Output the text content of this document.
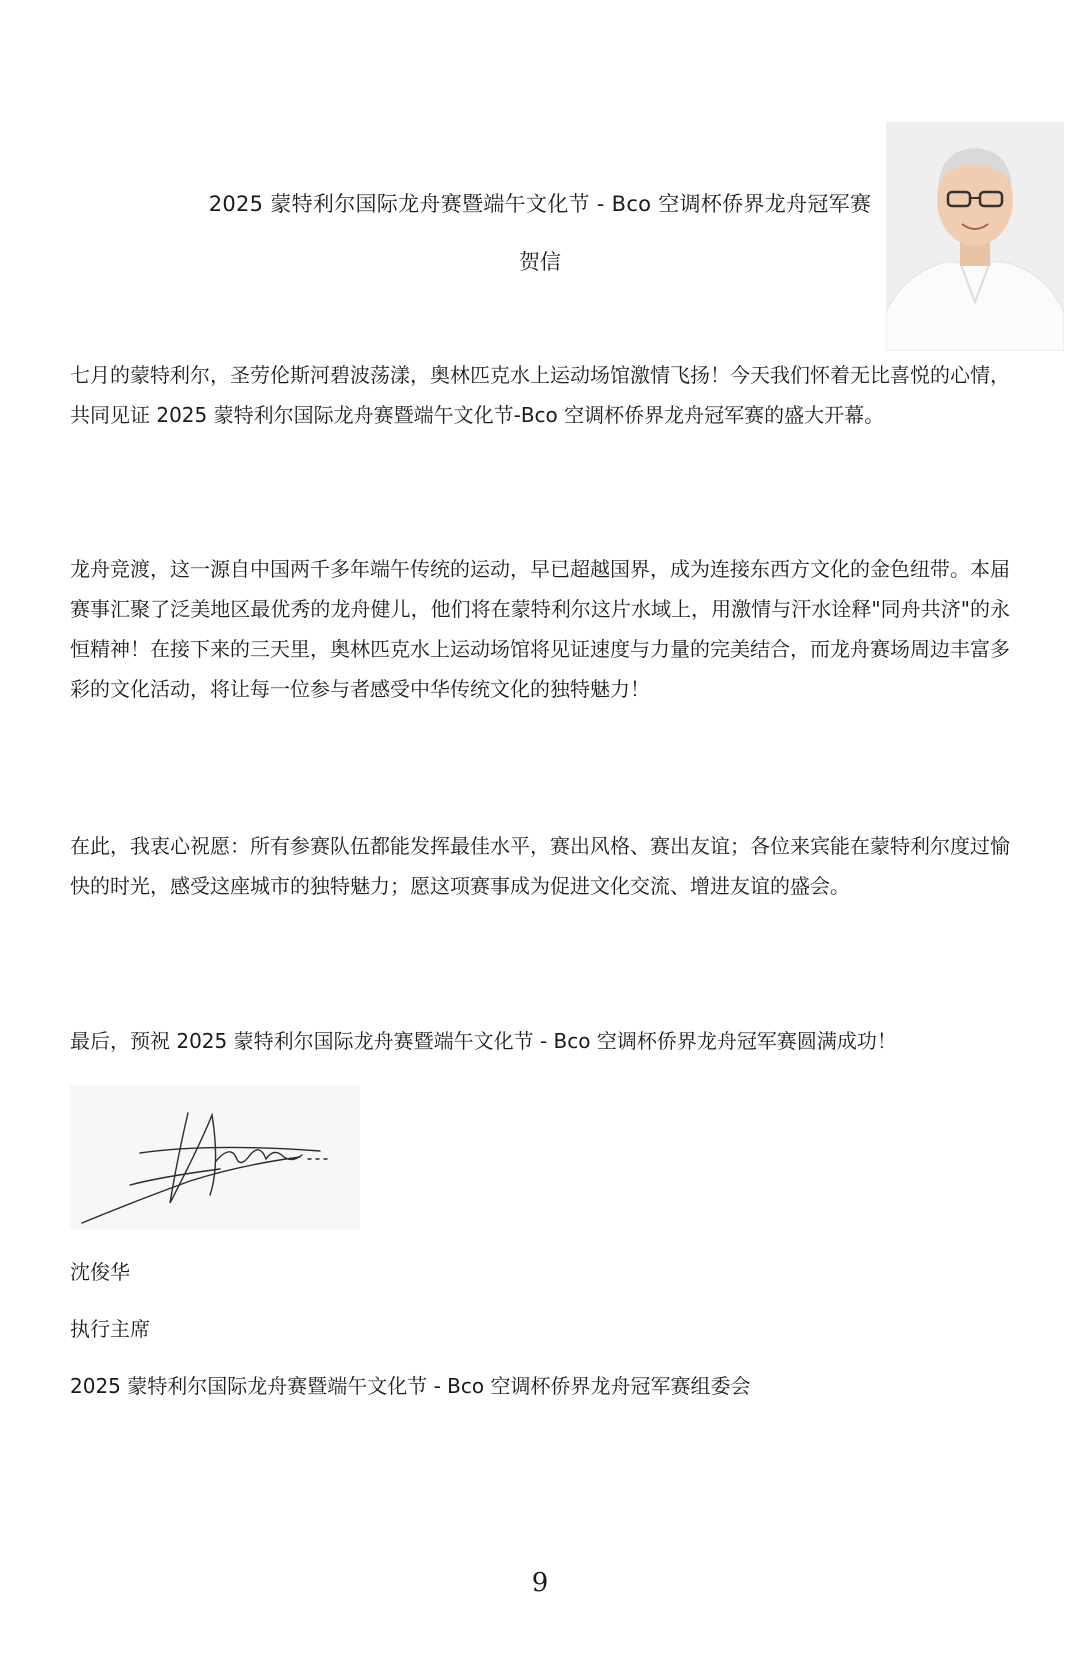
2025 蒙特利尔国际龙舟赛暨端午文化节 - Bco 空调杯侨界龙舟冠军赛
贺信
七月的蒙特利尔，圣劳伦斯河碧波荡漾，奥林匹克水上运动场馆激情飞扬！今天我们怀着无比喜悦的心情，共同见证 2025 蒙特利尔国际龙舟赛暨端午文化节-Bco 空调杯侨界龙舟冠军赛的盛大开幕。
龙舟竞渡，这一源自中国两千多年端午传统的运动，早已超越国界，成为连接东西方文化的金色纽带。本届赛事汇聚了泛美地区最优秀的龙舟健儿，他们将在蒙特利尔这片水域上，用激情与汗水诠释"同舟共济"的永恒精神！在接下来的三天里，奥林匹克水上运动场馆将见证速度与力量的完美结合，而龙舟赛场周边丰富多彩的文化活动，将让每一位参与者感受中华传统文化的独特魅力！
在此，我衷心祝愿：所有参赛队伍都能发挥最佳水平，赛出风格、赛出友谊；各位来宾能在蒙特利尔度过愉快的时光，感受这座城市的独特魅力；愿这项赛事成为促进文化交流、增进友谊的盛会。
最后，预祝 2025 蒙特利尔国际龙舟赛暨端午文化节 - Bco 空调杯侨界龙舟冠军赛圆满成功！
沈俊华
执行主席
2025 蒙特利尔国际龙舟赛暨端午文化节 - Bco 空调杯侨界龙舟冠军赛组委会
9
